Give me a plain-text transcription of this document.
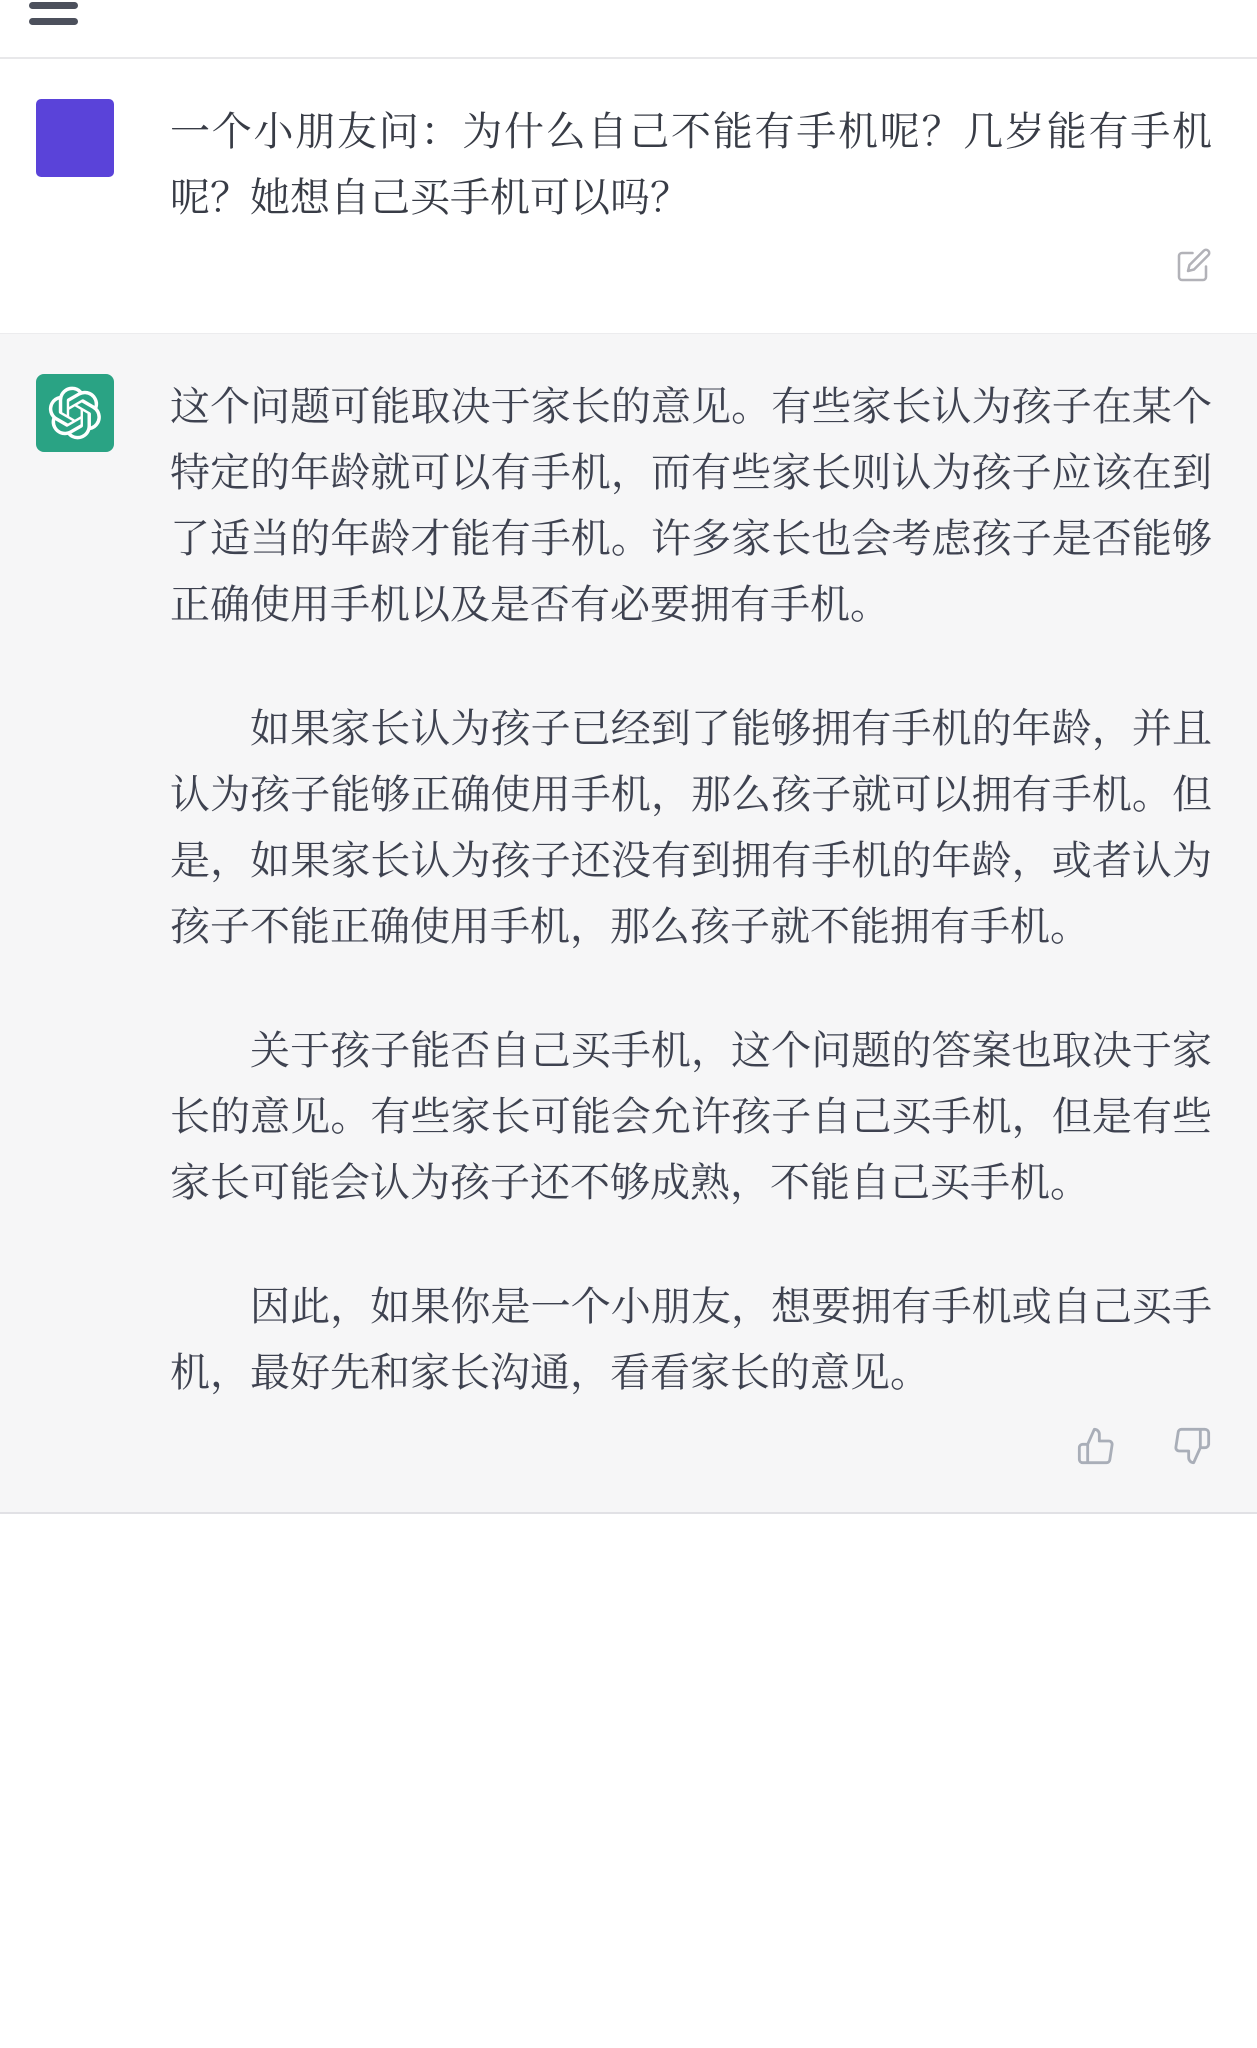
一个小朋友问：为什么自己不能有手机呢？几岁能有手机呢？她想自己买手机可以吗？

这个问题可能取决于家长的意见。有些家长认为孩子在某个特定的年龄就可以有手机，而有些家长则认为孩子应该在到了适当的年龄才能有手机。许多家长也会考虑孩子是否能够正确使用手机以及是否有必要拥有手机。

如果家长认为孩子已经到了能够拥有手机的年龄，并且认为孩子能够正确使用手机，那么孩子就可以拥有手机。但是，如果家长认为孩子还没有到拥有手机的年龄，或者认为孩子不能正确使用手机，那么孩子就不能拥有手机。

关于孩子能否自己买手机，这个问题的答案也取决于家长的意见。有些家长可能会允许孩子自己买手机，但是有些家长可能会认为孩子还不够成熟，不能自己买手机。

因此，如果你是一个小朋友，想要拥有手机或自己买手机，最好先和家长沟通，看看家长的意见。
